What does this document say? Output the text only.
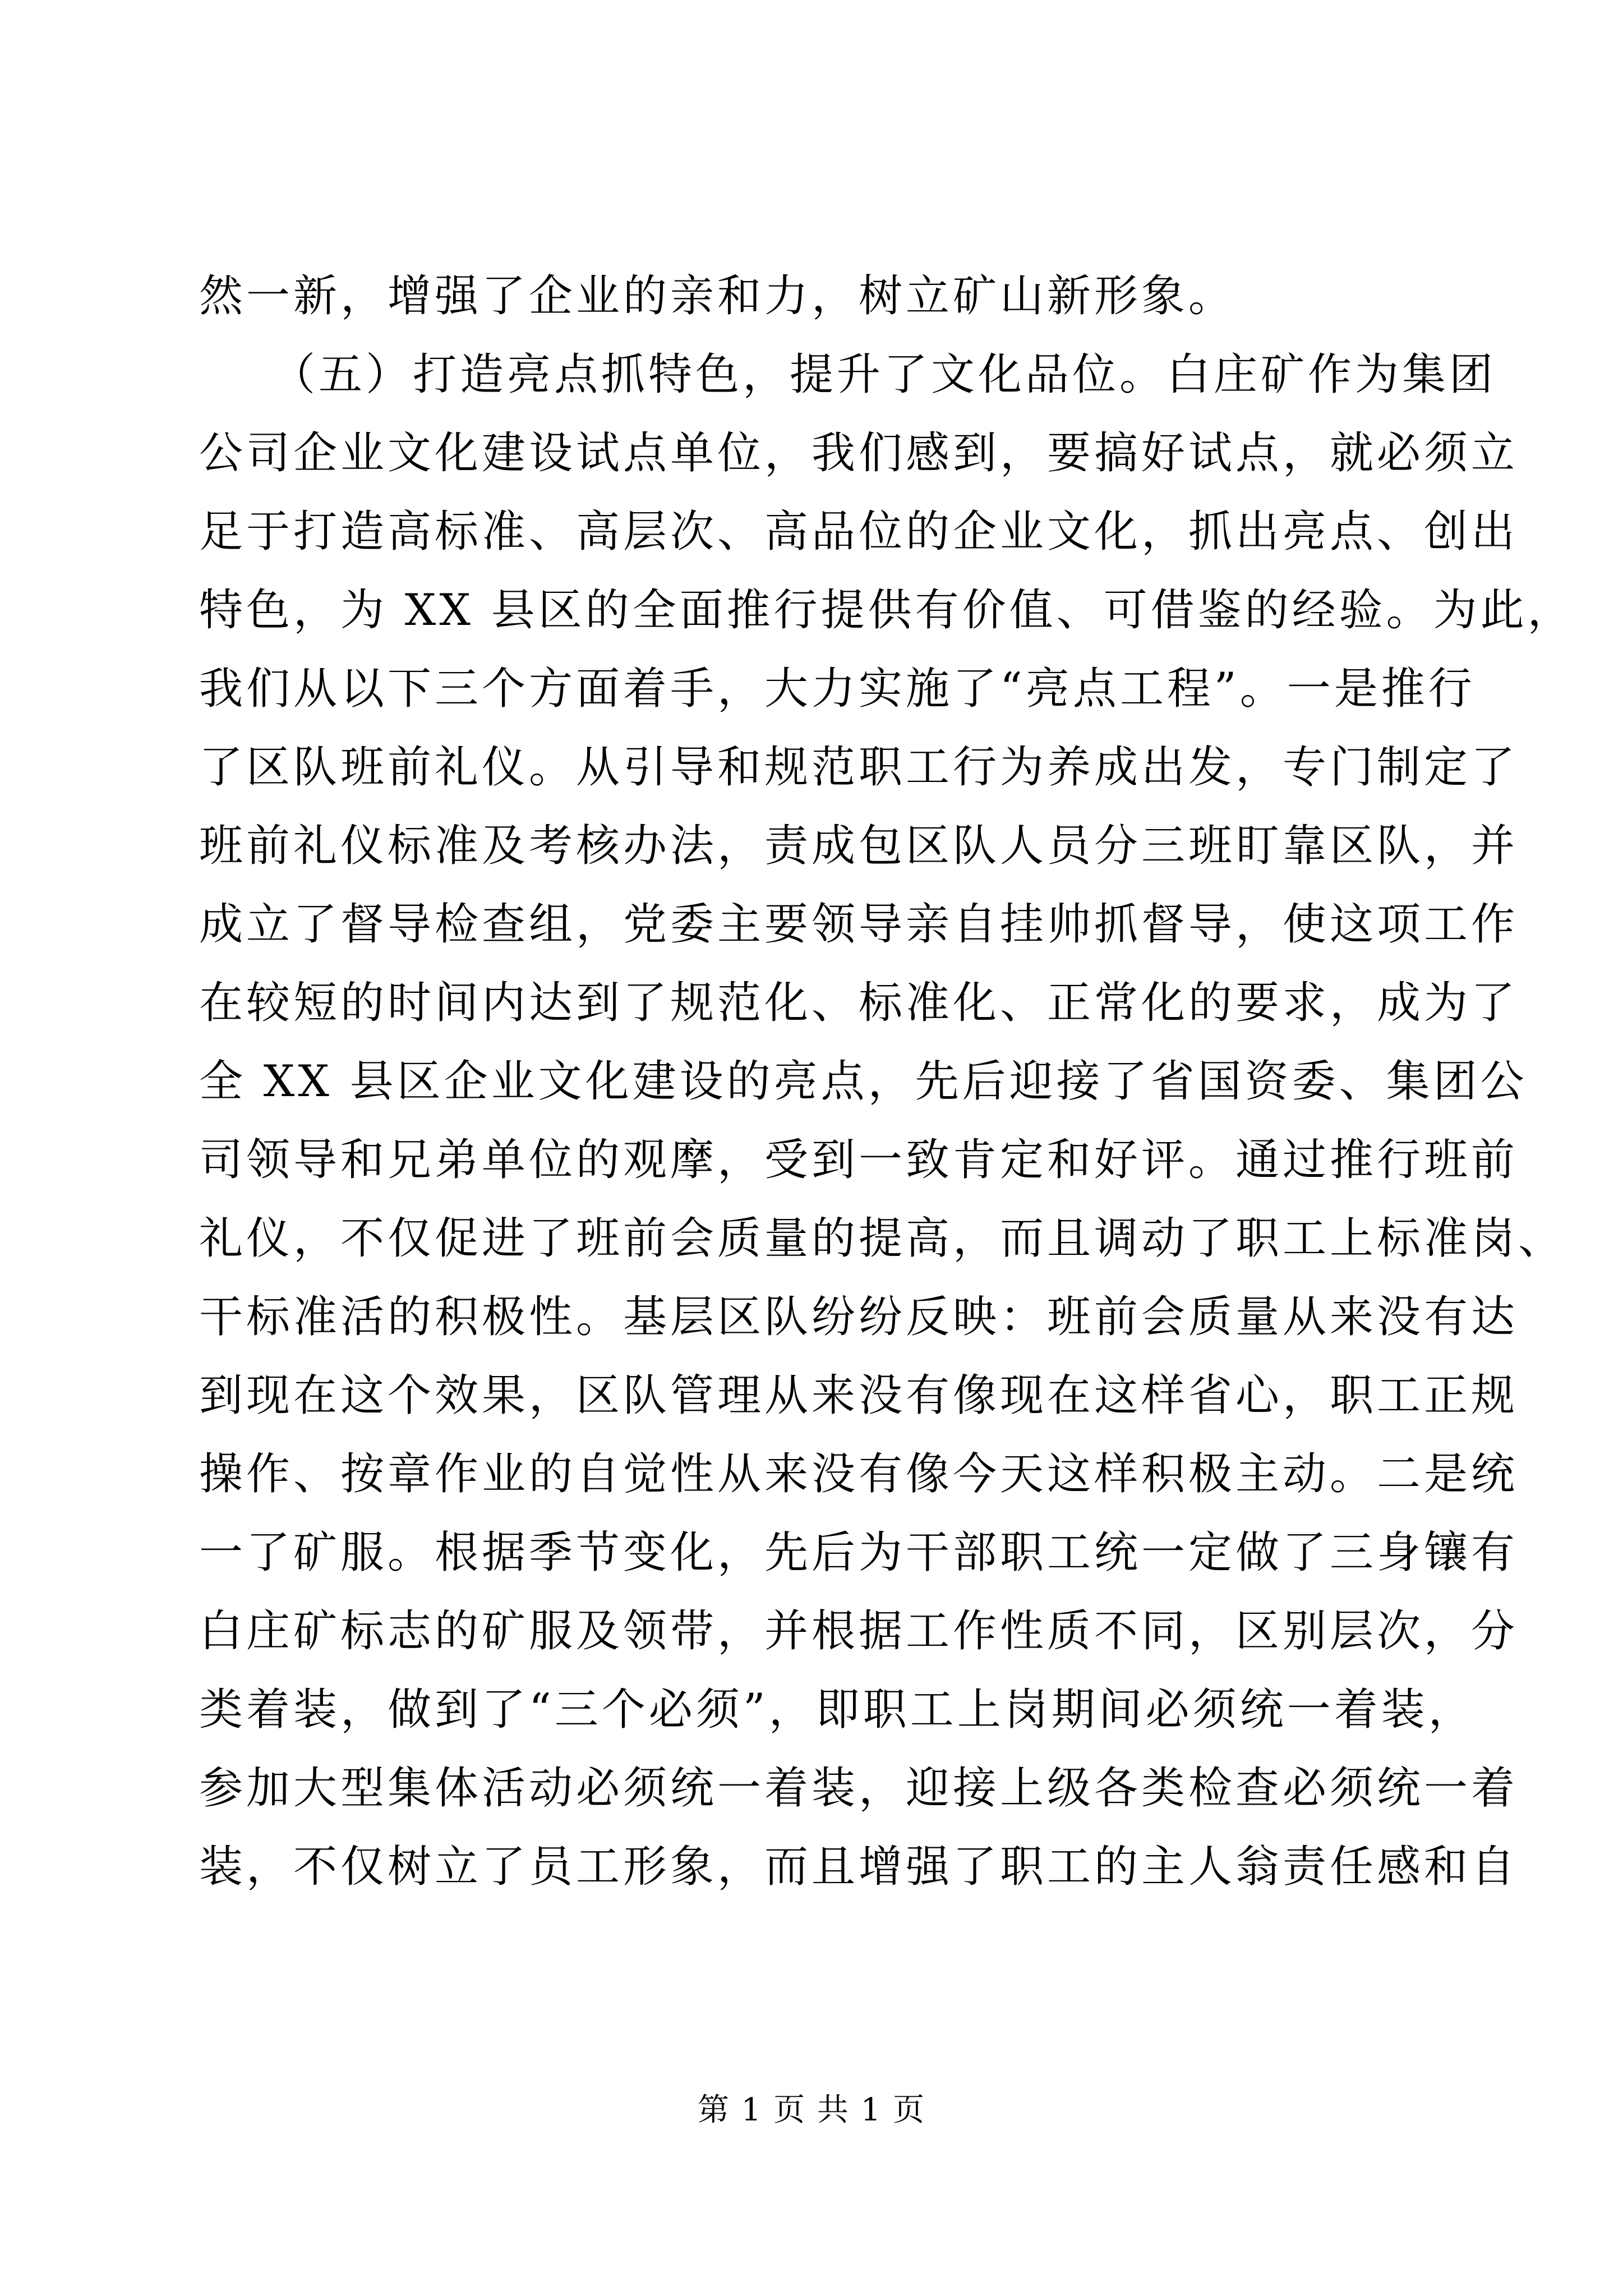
然一新，增强了企业的亲和力，树立矿山新形象。
　　（五）打造亮点抓特色，提升了文化品位。白庄矿作为集团
公司企业文化建设试点单位，我们感到，要搞好试点，就必须立
足于打造高标准、高层次、高品位的企业文化，抓出亮点、创出
特色，为 XX 县区的全面推行提供有价值、可借鉴的经验。为此，
我们从以下三个方面着手，大力实施了“亮点工程”。一是推行
了区队班前礼仪。从引导和规范职工行为养成出发，专门制定了
班前礼仪标准及考核办法，责成包区队人员分三班盯靠区队，并
成立了督导检查组，党委主要领导亲自挂帅抓督导，使这项工作
在较短的时间内达到了规范化、标准化、正常化的要求，成为了
全 XX 县区企业文化建设的亮点，先后迎接了省国资委、集团公
司领导和兄弟单位的观摩，受到一致肯定和好评。通过推行班前
礼仪，不仅促进了班前会质量的提高，而且调动了职工上标准岗、
干标准活的积极性。基层区队纷纷反映：班前会质量从来没有达
到现在这个效果，区队管理从来没有像现在这样省心，职工正规
操作、按章作业的自觉性从来没有像今天这样积极主动。二是统
一了矿服。根据季节变化，先后为干部职工统一定做了三身镶有
白庄矿标志的矿服及领带，并根据工作性质不同，区别层次，分
类着装，做到了“三个必须”，即职工上岗期间必须统一着装，
参加大型集体活动必须统一着装，迎接上级各类检查必须统一着
装，不仅树立了员工形象，而且增强了职工的主人翁责任感和自
第 1 页 共 1 页
